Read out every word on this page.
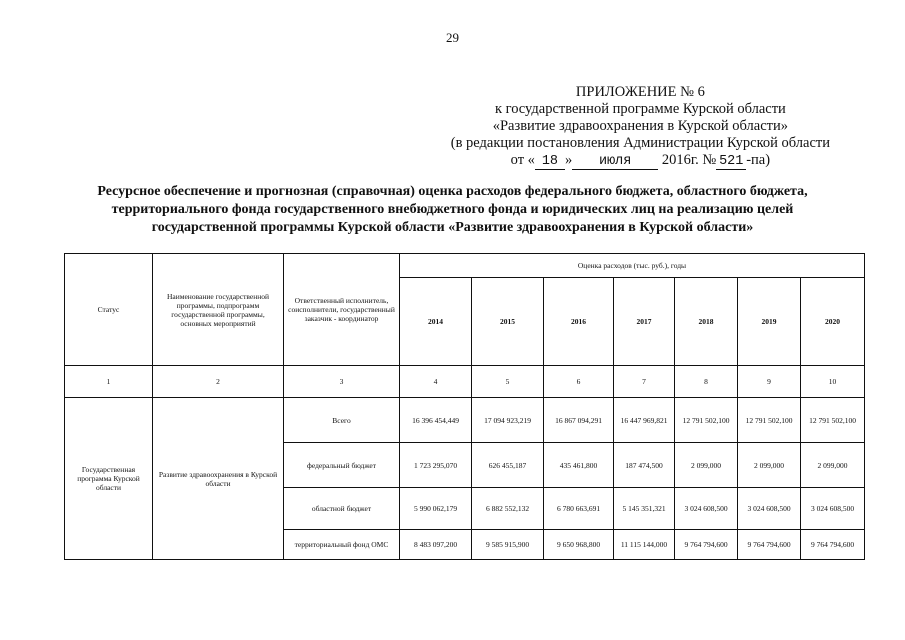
29
ПРИЛОЖЕНИЕ № 6
к государственной программе Курской области
«Развитие здравоохранения в Курской области»
(в редакции постановления Администрации Курской области
от « 18 » июля 2016г. № 521 -па)
Ресурсное обеспечение и прогнозная (справочная) оценка расходов федерального бюджета, областного бюджета,
территориального фонда государственного внебюджетного фонда и юридических лиц на реализацию целей
государственной программы Курской области «Развитие здравоохранения в Курской области»
Статус	Наименование государственной программы, подпрограмм государственной программы, основных мероприятий	Ответственный исполнитель, соисполнители, государственный заказчик - координатор	Оценка расходов (тыс. руб.), годы						
			2014	2015	2016	2017	2018	2019	2020
1	2	3	4	5	6	7	8	9	10
Государственная программа Курской области	Развитие здравоохранения в Курской области	Всего	16 396 454,449	17 094 923,219	16 867 094,291	16 447 969,821	12 791 502,100	12 791 502,100	12 791 502,100
		федеральный бюджет	1 723 295,070	626 455,187	435 461,800	187 474,500	2 099,000	2 099,000	2 099,000
		областной бюджет	5 990 062,179	6 882 552,132	6 780 663,691	5 145 351,321	3 024 608,500	3 024 608,500	3 024 608,500
		территориальный фонд ОМС	8 483 097,200	9 585 915,900	9 650 968,800	11 115 144,000	9 764 794,600	9 764 794,600	9 764 794,600
